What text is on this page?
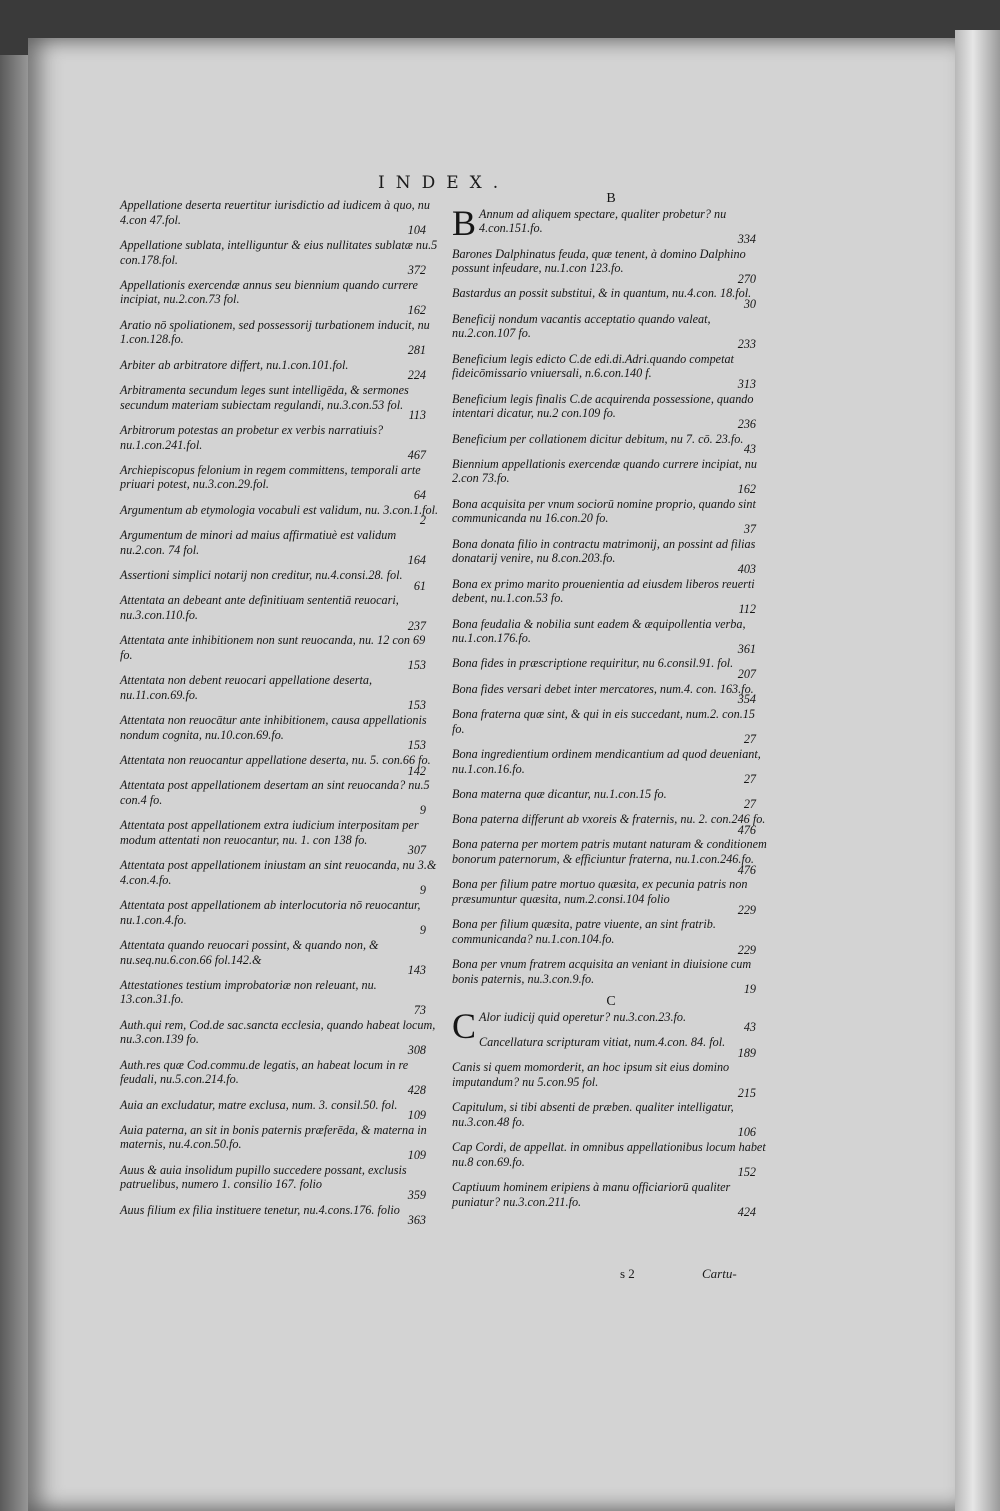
INDEX.
Appellatione deserta reuertitur iurisdictio ad iudicem à quo, nu 4.con 47.fol.
104
Appellatione sublata, intelliguntur & eius nullitates sublatæ nu.5 con.178.fol.
372
Appellationis exercendæ annus seu biennium quando currere incipiat, nu.2.con.73 fol.
162
Aratio nō spoliationem, sed possessorij turbationem inducit, nu 1.con.128.fo.
281
Arbiter ab arbitratore differt, nu.1.con.101.fol.
224
Arbitramenta secundum leges sunt intelligēda, & sermones secundum materiam subiectam regulandi, nu.3.con.53 fol.
113
Arbitrorum potestas an probetur ex verbis narratiuis? nu.1.con.241.fol.
467
Archiepiscopus felonium in regem committens, temporali arte priuari potest, nu.3.con.29.fol.
64
Argumentum ab etymologia vocabuli est validum, nu. 3.con.1.fol.
2
Argumentum de minori ad maius affirmatiuè est validum nu.2.con. 74 fol.
164
Assertioni simplici notarij non creditur, nu.4.consi.28. fol.
61
Attentata an debeant ante definitiuam sententiā reuocari, nu.3.con.110.fo.
237
Attentata ante inhibitionem non sunt reuocanda, nu. 12 con 69 fo.
153
Attentata non debent reuocari appellatione deserta, nu.11.con.69.fo.
153
Attentata non reuocātur ante inhibitionem, causa appellationis nondum cognita, nu.10.con.69.fo.
153
Attentata non reuocantur appellatione deserta, nu. 5. con.66 fo.
142
Attentata post appellationem desertam an sint reuocanda? nu.5 con.4 fo.
9
Attentata post appellationem extra iudicium interpositam per modum attentati non reuocantur, nu. 1. con 138 fo.
307
Attentata post appellationem iniustam an sint reuocanda, nu 3.& 4.con.4.fo.
9
Attentata post appellationem ab interlocutoria nō reuocantur, nu.1.con.4.fo.
9
Attentata quando reuocari possint, & quando non, & nu.seq.nu.6.con.66 fol.142.&
143
Attestationes testium improbatoriæ non releuant, nu. 13.con.31.fo.
73
Auth.qui rem, Cod.de sac.sancta ecclesia, quando habeat locum, nu.3.con.139 fo.
308
Auth.res quæ Cod.commu.de legatis, an habeat locum in re feudali, nu.5.con.214.fo.
428
Auia an excludatur, matre exclusa, num. 3. consil.50. fol.
109
Auia paterna, an sit in bonis paternis præferēda, & materna in maternis, nu.4.con.50.fo.
109
Auus & auia insolidum pupillo succedere possant, exclusis patruelibus, numero 1. consilio 167. folio
359
Auus filium ex filia instituere tenetur, nu.4.cons.176. folio
363
B
B Annum ad aliquem spectare, qualiter probetur? nu 4.con.151.fo.
334
Barones Dalphinatus feuda, quæ tenent, à domino Dalphino possunt infeudare, nu.1.con 123.fo.
270
Bastardus an possit substitui, & in quantum, nu.4.con. 18.fol.
30
Beneficij nondum vacantis acceptatio quando valeat, nu.2.con.107 fo.
233
Beneficium legis edicto C.de edi.di.Adri.quando competat fideicōmissario vniuersali, n.6.con.140 f.
313
Beneficium legis finalis C.de acquirenda possessione, quando intentari dicatur, nu.2 con.109 fo.
236
Beneficium per collationem dicitur debitum, nu 7. cō. 23.fo.
43
Biennium appellationis exercendæ quando currere incipiat, nu 2.con 73.fo.
162
Bona acquisita per vnum sociorū nomine proprio, quando sint communicanda nu 16.con.20 fo.
37
Bona donata filio in contractu matrimonij, an possint ad filias donatarij venire, nu 8.con.203.fo.
403
Bona ex primo marito prouenientia ad eiusdem liberos reuerti debent, nu.1.con.53 fo.
112
Bona feudalia & nobilia sunt eadem & æquipollentia verba, nu.1.con.176.fo.
361
Bona fides in præscriptione requiritur, nu 6.consil.91. fol.
207
Bona fides versari debet inter mercatores, num.4. con. 163.fo.
354
Bona fraterna quæ sint, & qui in eis succedant, num.2. con.15 fo.
27
Bona ingredientium ordinem mendicantium ad quod deueniant, nu.1.con.16.fo.
27
Bona materna quæ dicantur, nu.1.con.15 fo.
27
Bona paterna differunt ab vxoreis & fraternis, nu. 2. con.246 fo.
476
Bona paterna per mortem patris mutant naturam & conditionem bonorum paternorum, & efficiuntur fraterna, nu.1.con.246.fo.
476
Bona per filium patre mortuo quæsita, ex pecunia patris non præsumuntur quæsita, num.2.consi.104 folio
229
Bona per filium quæsita, patre viuente, an sint fratrib. communicanda? nu.1.con.104.fo.
229
Bona per vnum fratrem acquisita an veniant in diuisione cum bonis paternis, nu.3.con.9.fo.
19
C
C Alor iudicij quid operetur? nu.3.con.23.fo.
43
Cancellatura scripturam vitiat, num.4.con. 84. fol.
189
Canis si quem momorderit, an hoc ipsum sit eius domino imputandum? nu 5.con.95 fol.
215
Capitulum, si tibi absenti de præben. qualiter intelligatur, nu.3.con.48 fo.
106
Cap Cordi, de appellat. in omnibus appellationibus locum habet nu.8 con.69.fo.
152
Captiuum hominem eripiens à manu officiariorū qualiter puniatur? nu.3.con.211.fo.
424
s 2	Cartu-
